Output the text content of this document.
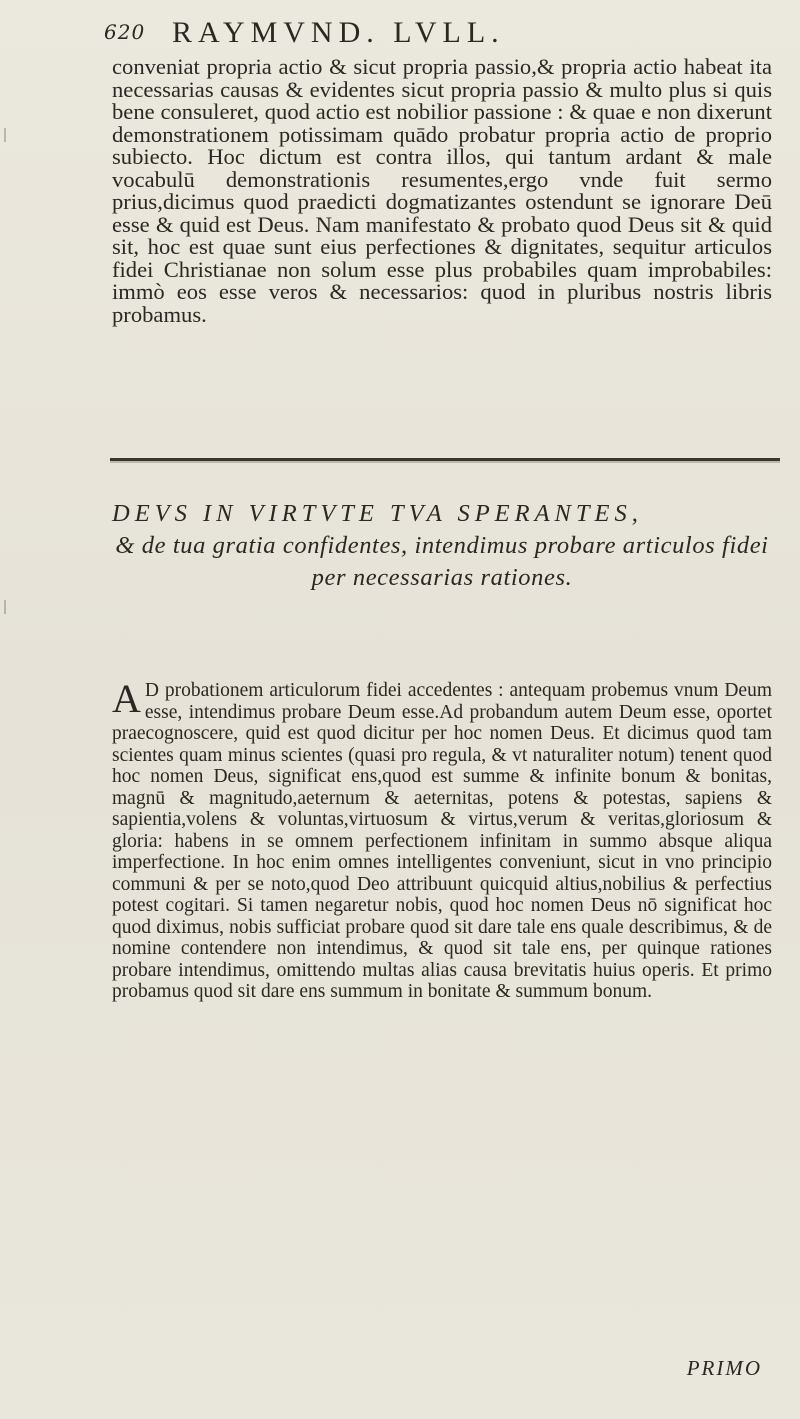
620 RAYMVND. LVLL.
conveniat propria actio & sicut propria passio,& propria actio habeat ita necessarias causas & evidentes sicut propria passio & multo plus si quis bene consuleret, quod actio est nobilior passione : & quae e non dixerunt demonstrationem potissimam quādo probatur propria actio de proprio subiecto. Hoc dictum est contra illos, qui tantum ardant & male vocabulū demonstrationis resumentes,ergo vnde fuit sermo prius,dicimus quod praedicti dogmatizantes ostendunt se ignorare Deū esse & quid est Deus. Nam manifestato & probato quod Deus sit & quid sit, hoc est quae sunt eius perfectiones & dignitates, sequitur articulos fidei Christianae non solum esse plus probabiles quam improbabiles: immò eos esse veros & necessarios: quod in pluribus nostris libris probamus.
DEVS IN VIRTVTE TVA SPERANTES,
& de tua gratia confidentes, intendimus probare articulos fidei per necessarias rationes.
A D probationem articulorum fidei accedentes : antequam probemus vnum Deum esse, intendimus probare Deum esse.Ad probandum autem Deum esse, oportet praecognoscere, quid est quod dicitur per hoc nomen Deus. Et dicimus quod tam scientes quam minus scientes (quasi pro regula, & vt naturaliter notum) tenent quod hoc nomen Deus, significat ens,quod est summe & infinite bonum & bonitas, magnū & magnitudo,aeternum & aeternitas, potens & potestas, sapiens & sapientia,volens & voluntas,virtuosum & virtus,verum & veritas,gloriosum & gloria: habens in se omnem perfectionem infinitam in summo absque aliqua imperfectione. In hoc enim omnes intelligentes conveniunt, sicut in vno principio communi & per se noto,quod Deo attribuunt quicquid altius,nobilius & perfectius potest cogitari. Si tamen negaretur nobis, quod hoc nomen Deus nō significat hoc quod diximus, nobis sufficiat probare quod sit dare tale ens quale describimus, & de nomine contendere non intendimus, & quod sit tale ens, per quinque rationes probare intendimus, omittendo multas alias causa brevitatis huius operis. Et primo probamus quod sit dare ens summum in bonitate & summum bonum.
PRIMO
